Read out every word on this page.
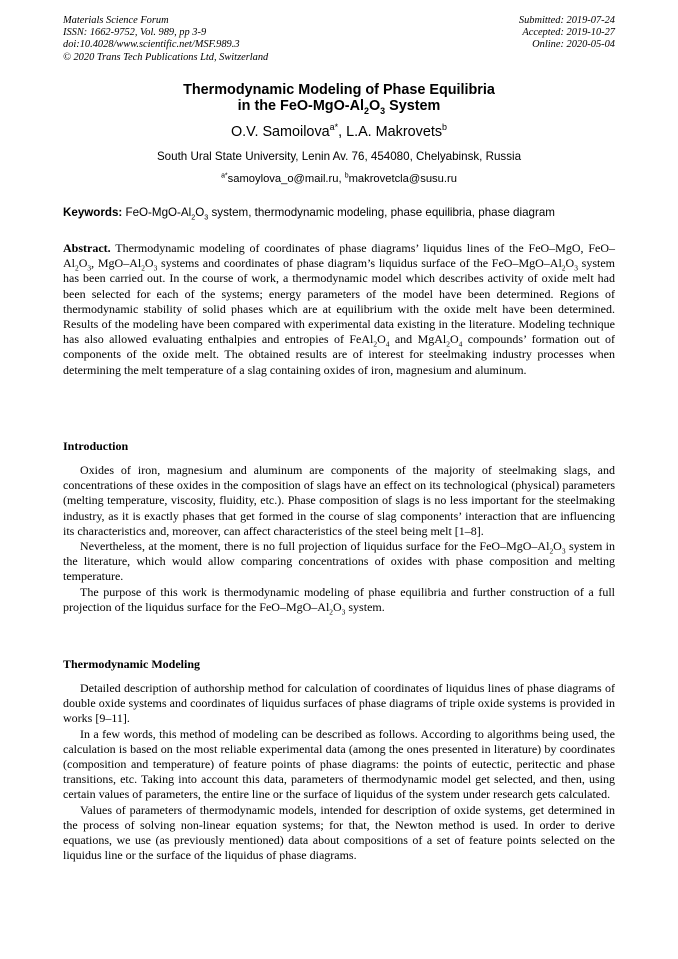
Materials Science Forum
ISSN: 1662-9752, Vol. 989, pp 3-9
doi:10.4028/www.scientific.net/MSF.989.3
© 2020 Trans Tech Publications Ltd, Switzerland
Submitted: 2019-07-24
Accepted: 2019-10-27
Online: 2020-05-04
Thermodynamic Modeling of Phase Equilibria
in the FeO-$MgO-Al_2O_3$ System
O.V. Samoilova$^{a*}$, L.A. Makrovets$^b$
South Ural State University, Lenin Av. 76, 454080, Chelyabinsk, Russia
$^{a*}$samoylova_o@mail.ru, $^b$makrovetcla@susu.ru
Keywords: FeO-$MgO-Al_2O_3$ system, thermodynamic modeling, phase equilibria, phase diagram

Abstract. Thermodynamic modeling of coordinates of phase diagrams’ liquidus lines of the FeO–MgO, FeO–$Al_2O_3$, MgO–$Al_2O_3$ systems and coordinates of phase diagram’s liquidus surface of the FeO–$MgO-Al_2O_3$ system has been carried out. In the course of work, a thermodynamic model which describes activity of oxide melt had been selected for each of the systems; energy parameters of the model have been determined. Regions of thermodynamic stability of solid phases which are at equilibrium with the oxide melt have been determined. Results of the modeling have been compared with experimental data existing in the literature. Modeling technique has also allowed evaluating enthalpies and entropies of $FeAl_2O_4$ and $MgAl_2O_4$ compounds’ formation out of components of the oxide melt. The obtained results are of interest for steelmaking industry processes when determining the melt temperature of a slag containing oxides of iron, magnesium and aluminum.

Introduction

Oxides of iron, magnesium and aluminum are components of the majority of steelmaking slags, and concentrations of these oxides in the composition of slags have an effect on its technological (physical) parameters (melting temperature, viscosity, fluidity, etc.). Phase composition of slags is no less important for the steelmaking industry, as it is exactly phases that get formed in the course of slag components’ interaction that are influencing its characteristics and, moreover, can affect characteristics of the steel being melt [1–8].

Nevertheless, at the moment, there is no full projection of liquidus surface for the FeO–$MgO-Al_2O_3$ system in the literature, which would allow comparing concentrations of oxides with phase composition and melting temperature.

The purpose of this work is thermodynamic modeling of phase equilibria and further construction of a full projection of the liquidus surface for the FeO–$MgO-Al_2O_3$ system.

Thermodynamic Modeling

Detailed description of authorship method for calculation of coordinates of liquidus lines of phase diagrams of double oxide systems and coordinates of liquidus surfaces of phase diagrams of triple oxide systems is provided in works [9–11].

In a few words, this method of modeling can be described as follows. According to algorithms being used, the calculation is based on the most reliable experimental data (among the ones presented in literature) by coordinates (composition and temperature) of feature points of phase diagrams: the points of eutectic, peritectic and phase transitions, etc. Taking into account this data, parameters of thermodynamic model get selected, and then, using certain values of parameters, the entire line or the surface of liquidus of the system under research gets calculated.

Values of parameters of thermodynamic models, intended for description of oxide systems, get determined in the process of solving non-linear equation systems; for that, the Newton method is used. In order to derive equations, we use (as previously mentioned) data about compositions of a set of feature points selected on the liquidus line or the surface of the liquidus of phase diagrams.
